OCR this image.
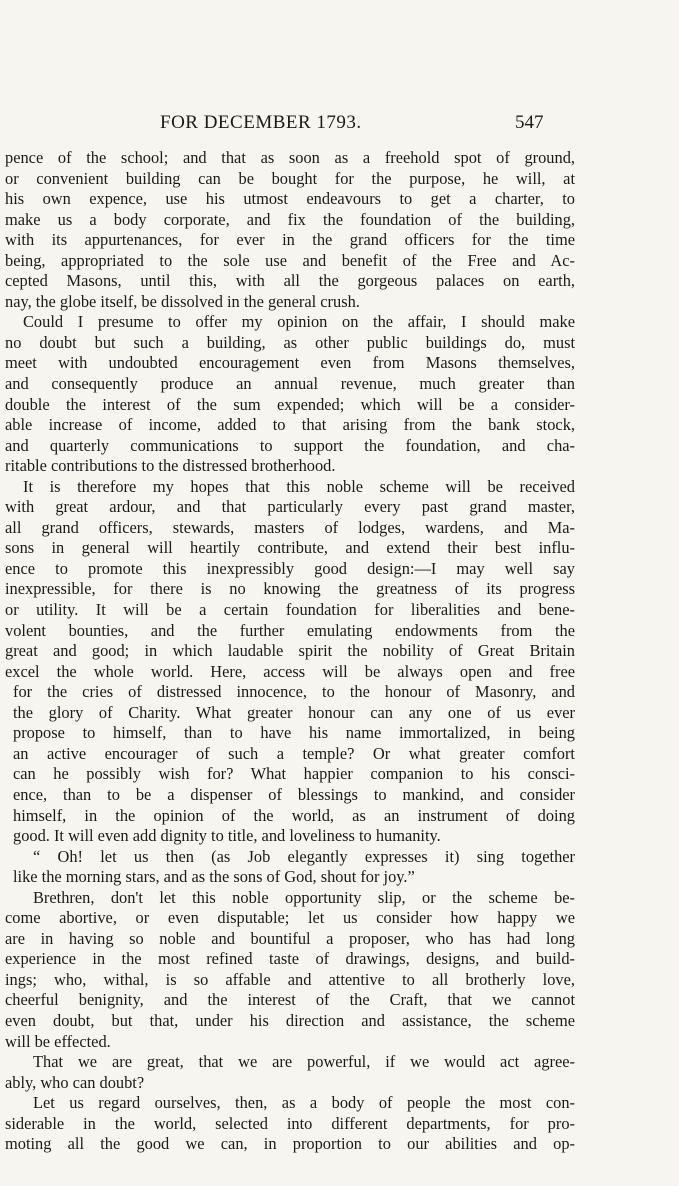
FOR DECEMBER 1793.	547
pence of the school; and that as soon as a freehold spot of ground,
or convenient building can be bought for the purpose, he will, at
his own expence, use his utmost endeavours to get a charter, to
make us a body corporate, and fix the foundation of the building,
with its appurtenances, for ever in the grand officers for the time
being, appropriated to the sole use and benefit of the Free and Ac-
cepted Masons, until this, with all the gorgeous palaces on earth,
nay, the globe itself, be dissolved in the general crush.
Could I presume to offer my opinion on the affair, I should make
no doubt but such a building, as other public buildings do, must
meet with undoubted encouragement even from Masons themselves,
and consequently produce an annual revenue, much greater than
double the interest of the sum expended; which will be a consider-
able increase of income, added to that arising from the bank stock,
and quarterly communications to support the foundation, and cha-
ritable contributions to the distressed brotherhood.
It is therefore my hopes that this noble scheme will be received
with great ardour, and that particularly every past grand master,
all grand officers, stewards, masters of lodges, wardens, and Ma-
sons in general will heartily contribute, and extend their best influ-
ence to promote this inexpressibly good design:—I may well say
inexpressible, for there is no knowing the greatness of its progress
or utility. It will be a certain foundation for liberalities and bene-
volent bounties, and the further emulating endowments from the
great and good; in which laudable spirit the nobility of Great Britain
excel the whole world. Here, access will be always open and free
for the cries of distressed innocence, to the honour of Masonry, and
the glory of Charity. What greater honour can any one of us ever
propose to himself, than to have his name immortalized, in being
an active encourager of such a temple? Or what greater comfort
can he possibly wish for? What happier companion to his consci-
ence, than to be a dispenser of blessings to mankind, and consider
himself, in the opinion of the world, as an instrument of doing
good. It will even add dignity to title, and loveliness to humanity.
“ Oh! let us then (as Job elegantly expresses it) sing together
like the morning stars, and as the sons of God, shout for joy.”
Brethren, don't let this noble opportunity slip, or the scheme be-
come abortive, or even disputable; let us consider how happy we
are in having so noble and bountiful a proposer, who has had long
experience in the most refined taste of drawings, designs, and build-
ings; who, withal, is so affable and attentive to all brotherly love,
cheerful benignity, and the interest of the Craft, that we cannot
even doubt, but that, under his direction and assistance, the scheme
will be effected.
That we are great, that we are powerful, if we would act agree-
ably, who can doubt?
Let us regard ourselves, then, as a body of people the most con-
siderable in the world, selected into different departments, for pro-
moting all the good we can, in proportion to our abilities and op-
